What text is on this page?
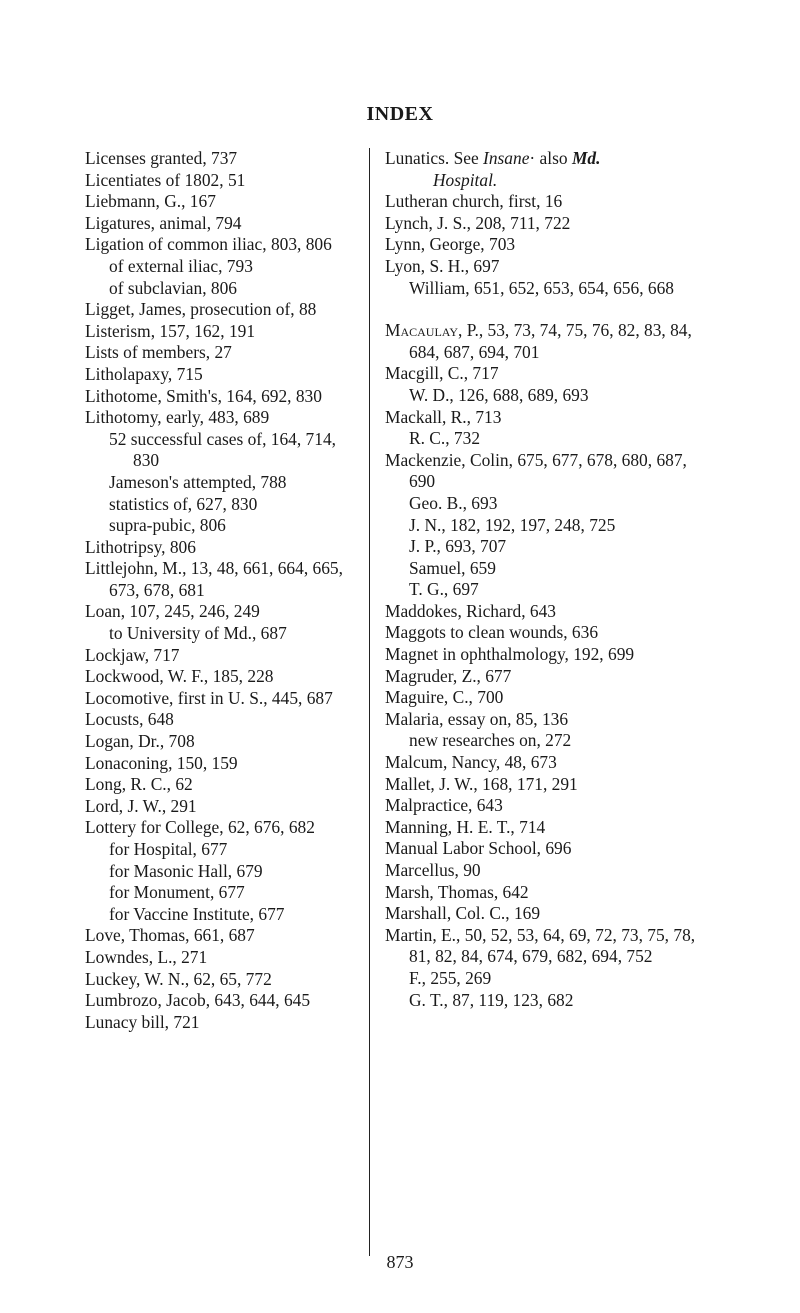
INDEX

Licenses granted, 737

Licentiates of 1802, 51

Liebmann, G., 167

Ligatures, animal, 794

Ligation of common iliac, 803, 806

of external iliac, 793

of subclavian, 806

Ligget, James, prosecution of, 88

Listerism, 157, 162, 191

Lists of members, 27

Litholapaxy, 715

Lithotome, Smith's, 164, 692, 830

Lithotomy, early, 483, 689

52 successful cases of, 164, 714, 830

Jameson's attempted, 788

statistics of, 627, 830

supra-pubic, 806

Lithotripsy, 806

Littlejohn, M., 13, 48, 661, 664, 665, 673, 678, 681

Loan, 107, 245, 246, 249

to University of Md., 687

Lockjaw, 717

Lockwood, W. F., 185, 228

Locomotive, first in U. S., 445, 687

Locusts, 648

Logan, Dr., 708

Lonaconing, 150, 159

Long, R. C., 62

Lord, J. W., 291

Lottery for College, 62, 676, 682

for Hospital, 677

for Masonic Hall, 679

for Monument, 677

for Vaccine Institute, 677

Love, Thomas, 661, 687

Lowndes, L., 271

Luckey, W. N., 62, 65, 772

Lumbrozo, Jacob, 643, 644, 645

Lunacy bill, 721

Lunatics. See Insane· also Md.
Hospital.

Lutheran church, first, 16

Lynch, J. S., 208, 711, 722

Lynn, George, 703

Lyon, S. H., 697

William, 651, 652, 653, 654, 656, 668

Macaulay, P., 53, 73, 74, 75, 76, 82, 83, 84, 684, 687, 694, 701

Macgill, C., 717

W. D., 126, 688, 689, 693

Mackall, R., 713

R. C., 732

Mackenzie, Colin, 675, 677, 678, 680, 687, 690

Geo. B., 693

J. N., 182, 192, 197, 248, 725

J. P., 693, 707

Samuel, 659

T. G., 697

Maddokes, Richard, 643

Maggots to clean wounds, 636

Magnet in ophthalmology, 192, 699

Magruder, Z., 677

Maguire, C., 700

Malaria, essay on, 85, 136

new researches on, 272

Malcum, Nancy, 48, 673

Mallet, J. W., 168, 171, 291

Malpractice, 643

Manning, H. E. T., 714

Manual Labor School, 696

Marcellus, 90

Marsh, Thomas, 642

Marshall, Col. C., 169

Martin, E., 50, 52, 53, 64, 69, 72, 73, 75, 78, 81, 82, 84, 674, 679, 682, 694, 752

F., 255, 269

G. T., 87, 119, 123, 682

873
